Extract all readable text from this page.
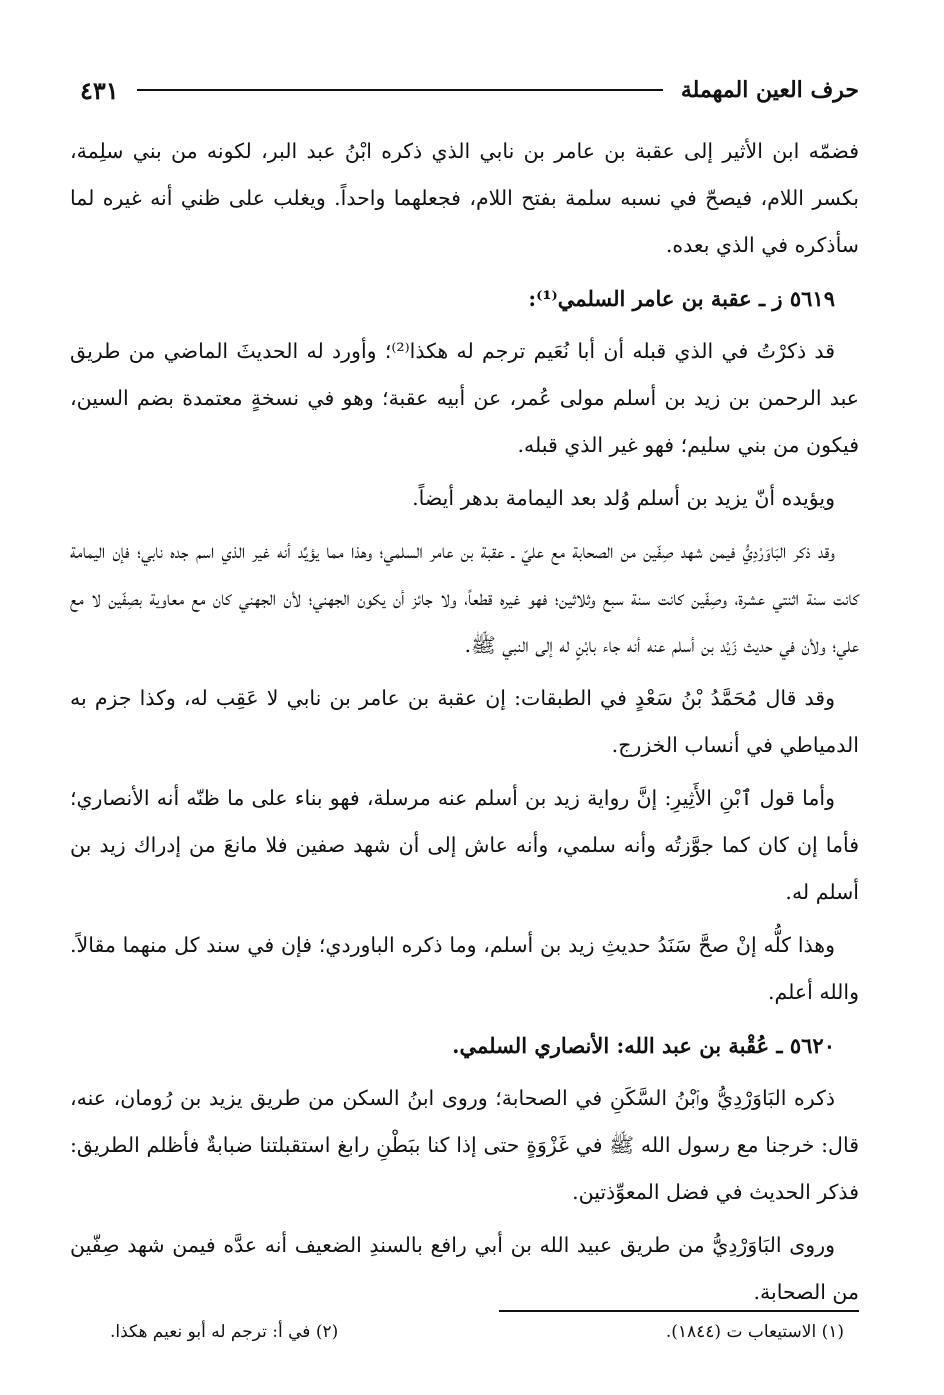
حرف العين المهملة
٤٣١

فضمّه ابن الأثير إلى عقبة بن عامر بن نابي الذي ذكره ابْنُ عبد البر، لكونه من بني سلِمة، بكسر اللام، فيصحّ في نسبه سلمة بفتح اللام، فجعلهما واحداً. ويغلب على ظني أنه غيره لما سأذكره في الذي بعده.

٥٦١٩ ز ـ عقبة بن عامر السلمي⁽¹⁾:

قد ذكرْتُ في الذي قبله أن أبا نُعَيم ترجم له هكذا⁽²⁾؛ وأورد له الحديثَ الماضي من طريق عبد الرحمن بن زيد بن أسلم مولى عُمر، عن أبيه عقبة؛ وهو في نسخةٍ معتمدة بضم السين، فيكون من بني سليم؛ فهو غير الذي قبله.

ويؤيده أنّ يزيد بن أسلم وُلد بعد اليمامة بدهر أيضاً.

وقد ذكر البَاوَرْدِيُّ فيمن شهد صِفّين من الصحابة مع عليّ ـ عقبة بن عامر السلمي؛ وهذا مما يؤيِّد أنه غير الذي اسم جده نابي؛ فإن اليمامة كانت سنة اثنتي عشرة، وصِفّين كانت سنة سبع وثلاثين؛ فهو غيره قطعاً، ولا جائز أن يكون الجهني؛ لأن الجهني كان مع معاوية بصِفّين لا مع علي؛ ولأن في حديث زَيْد بن أسلم عنه أنه جاء بابْنٍ له إلى النبي ﷺ.

وقد قال مُحَمَّدُ بْنُ سَعْدٍ في الطبقات: إن عقبة بن عامر بن نابي لا عَقِب له، وكذا جزم به الدمياطي في أنساب الخزرج.

وأما قول ٱبْنِ الأَثِيرِ: إنَّ رواية زيد بن أسلم عنه مرسلة، فهو بناء على ما ظنّه أنه الأنصاري؛ فأما إن كان كما جوَّزتُه وأنه سلمي، وأنه عاش إلى أن شهد صفين فلا مانعَ من إدراك زيد بن أسلم له.

وهذا كلُّه إنْ صحَّ سَنَدُ حديثِ زيد بن أسلم، وما ذكره الباوردي؛ فإن في سند كل منهما مقالاً. والله أعلم.

٥٦٢٠ ـ عُقْبة بن عبد الله: الأنصاري السلمي.

ذكره البَاوَرْدِيُّ وٱبْنُ السَّكَنِ في الصحابة؛ وروى ابنُ السكن من طريق يزيد بن رُومان، عنه، قال: خرجنا مع رسول الله ﷺ في غَزْوَةٍ حتى إذا كنا ببَطْنِ رابغ استقبلتنا ضبابةٌ فأظلم الطريق: فذكر الحديث في فضل المعوِّذتين.

وروى البَاوَرْدِيُّ من طريق عبيد الله بن أبي رافع بالسندِ الضعيف أنه عدَّه فيمن شهد صِفّين من الصحابة.

(١) الاستيعاب ت (١٨٤٤).
(٢) في أ: ترجم له أبو نعيم هكذا.
